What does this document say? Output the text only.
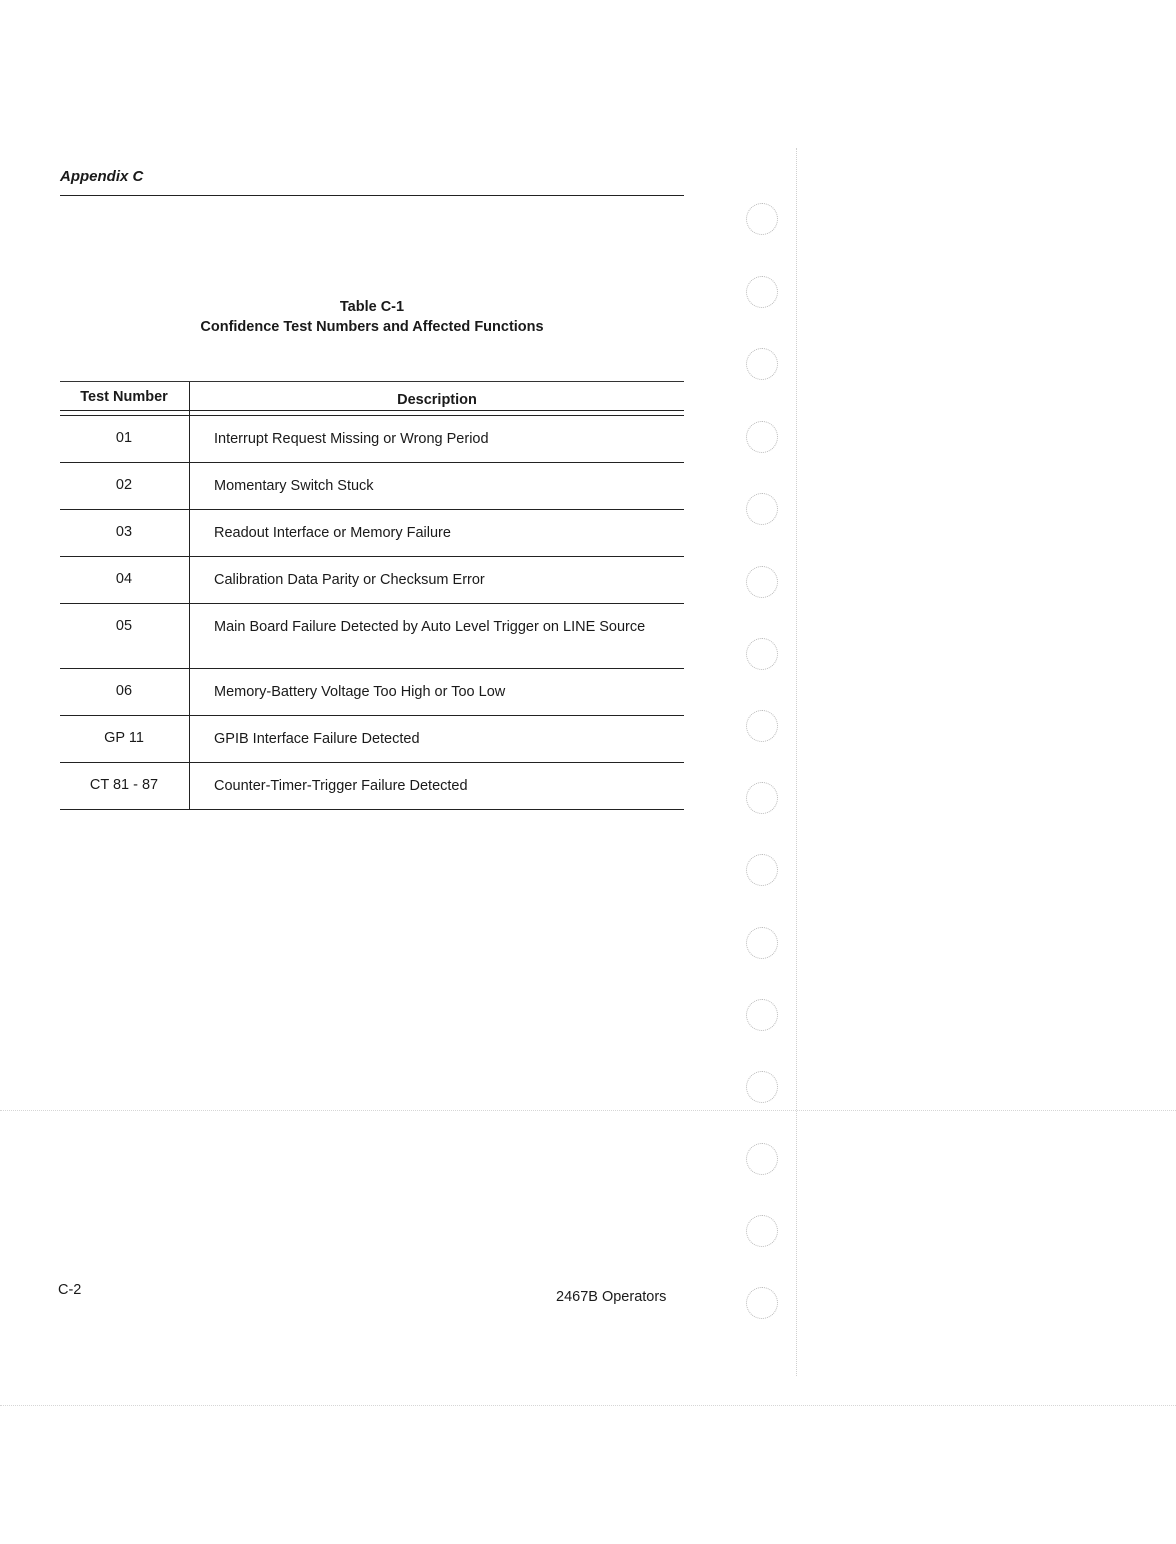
Appendix C
Table C-1
Confidence Test Numbers and Affected Functions
Test Number	Description
01	Interrupt Request Missing or Wrong Period
02	Momentary Switch Stuck
03	Readout Interface or Memory Failure
04	Calibration Data Parity or Checksum Error
05	Main Board Failure Detected by Auto Level Trigger on LINE Source
06	Memory-Battery Voltage Too High or Too Low
GP 11	GPIB Interface Failure Detected
CT 81 - 87	Counter-Timer-Trigger Failure Detected
C-2	2467B Operators
